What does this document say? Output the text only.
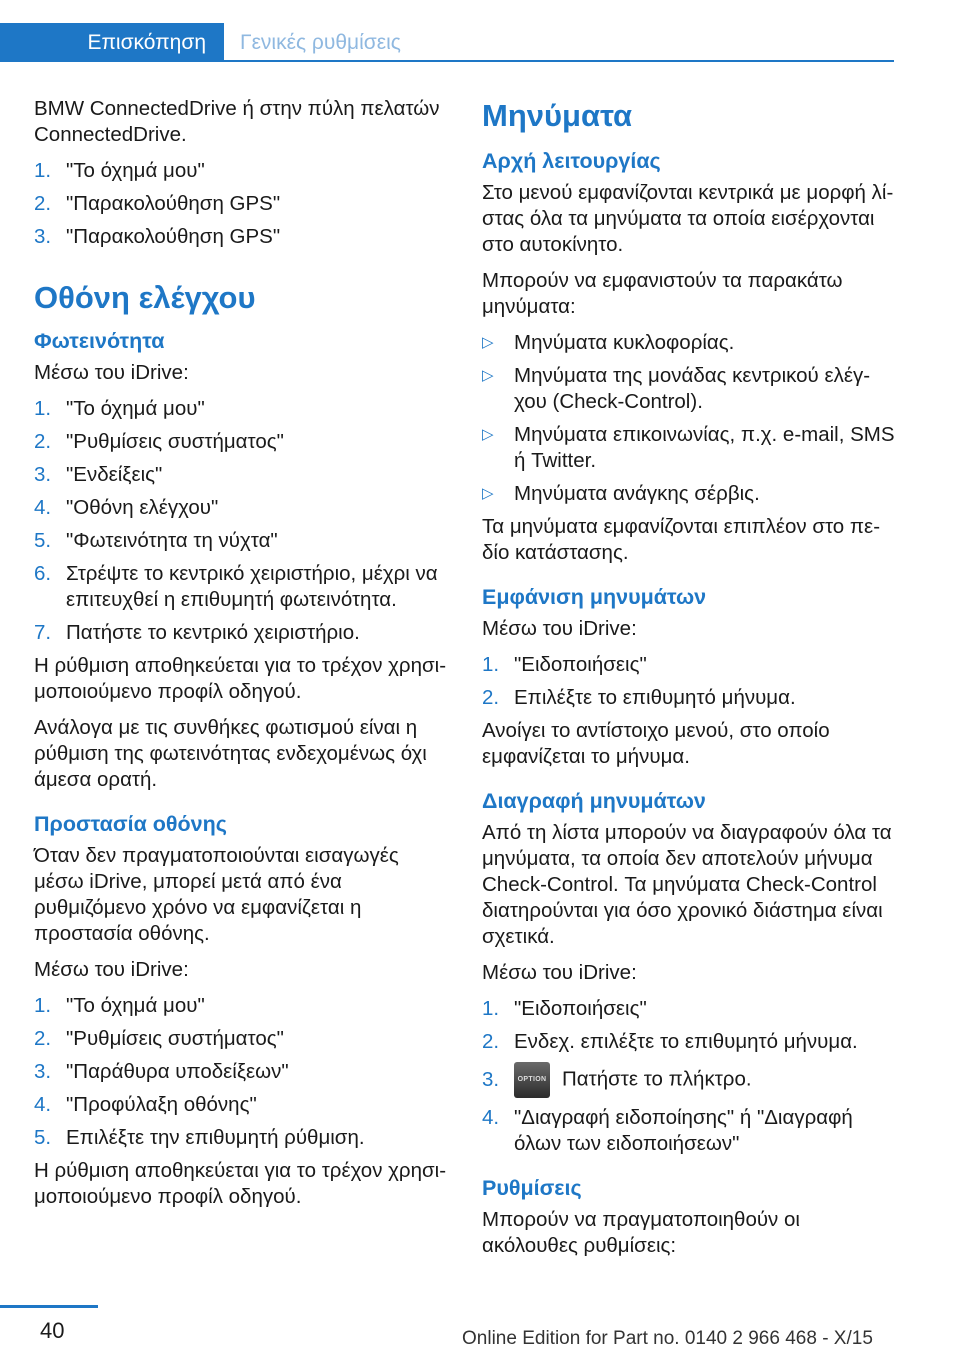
Επισκόπηση	Γενικές ρυθμίσεις

BMW ConnectedDrive ή στην πύλη πελατών ConnectedDrive.

1. "Το όχημά μου"
2. "Παρακολούθηση GPS"
3. "Παρακολούθηση GPS"
Οθόνη ελέγχου
Φωτεινότητα

Μέσω του iDrive:

1. "Το όχημά μου"
2. "Ρυθμίσεις συστήματος"
3. "Ενδείξεις"
4. "Οθόνη ελέγχου"
5. "Φωτεινότητα τη νύχτα"
6. Στρέψτε το κεντρικό χειριστήριο, μέχρι να επιτευχθεί η επιθυμητή φωτεινότητα.
7. Πατήστε το κεντρικό χειριστήριο.

Η ρύθμιση αποθηκεύεται για το τρέχον χρησιμοποιούμενο προφίλ οδηγού.

Ανάλογα με τις συνθήκες φωτισμού είναι η ρύθμιση της φωτεινότητας ενδεχομένως όχι άμεσα ορατή.

Προστασία οθόνης

Όταν δεν πραγματοποιούνται εισαγωγές μέσω iDrive, μπορεί μετά από ένα ρυθμιζόμενο χρόνο να εμφανίζεται η προστασία οθόνης.

Μέσω του iDrive:

1. "Το όχημά μου"
2. "Ρυθμίσεις συστήματος"
3. "Παράθυρα υποδείξεων"
4. "Προφύλαξη οθόνης"
5. Επιλέξτε την επιθυμητή ρύθμιση.

Η ρύθμιση αποθηκεύεται για το τρέχον χρησιμοποιούμενο προφίλ οδηγού.

Μηνύματα
Αρχή λειτουργίας

Στο μενού εμφανίζονται κεντρικά με μορφή λίστας όλα τα μηνύματα τα οποία εισέρχονται στο αυτοκίνητο.

Μπορούν να εμφανιστούν τα παρακάτω μηνύματα:

▷ Μηνύματα κυκλοφορίας.
▷ Μηνύματα της μονάδας κεντρικού ελέγχου (Check-Control).
▷ Μηνύματα επικοινωνίας, π.χ. e-mail, SMS ή Twitter.
▷ Μηνύματα ανάγκης σέρβις.

Τα μηνύματα εμφανίζονται επιπλέον στο πεδίο κατάστασης.

Εμφάνιση μηνυμάτων

Μέσω του iDrive:

1. "Ειδοποιήσεις"
2. Επιλέξτε το επιθυμητό μήνυμα.

Ανοίγει το αντίστοιχο μενού, στο οποίο εμφανίζεται το μήνυμα.

Διαγραφή μηνυμάτων

Από τη λίστα μπορούν να διαγραφούν όλα τα μηνύματα, τα οποία δεν αποτελούν μήνυμα Check-Control. Τα μηνύματα Check-Control διατηρούνται για όσο χρονικό διάστημα είναι σχετικά.

Μέσω του iDrive:

1. "Ειδοποιήσεις"
2. Ενδεχ. επιλέξτε το επιθυμητό μήνυμα.
3.	OPTION Πατήστε το πλήκτρο.
4. "Διαγραφή ειδοποίησης" ή "Διαγραφή όλων των ειδοποιήσεων"
Ρυθμίσεις

Μπορούν να πραγματοποιηθούν οι ακόλουθες ρυθμίσεις:

40	Online Edition for Part no. 0140 2 966 468 - X/15
